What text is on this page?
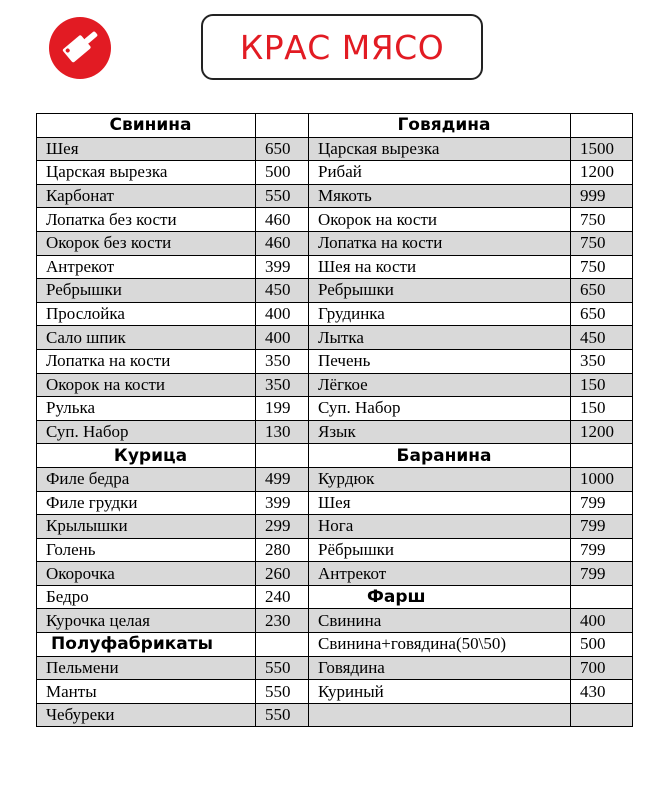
КРАС МЯСО
Свинина		Говядина	
Шея	650	Царская вырезка	1500
Царская вырезка	500	Рибай	1200
Карбонат	550	Мякоть	999
Лопатка без кости	460	Окорок на кости	750
Окорок без кости	460	Лопатка на кости	750
Антрекот	399	Шея на кости	750
Ребрышки	450	Ребрышки	650
Прослойка	400	Грудинка	650
Сало шпик	400	Лытка	450
Лопатка на кости	350	Печень	350
Окорок на кости	350	Лёгкое	150
Рулька	199	Суп. Набор	150
Суп. Набор	130	Язык	1200
Курица		Баранина	
Филе бедра	499	Курдюк	1000
Филе грудки	399	Шея	799
Крылышки	299	Нога	799
Голень	280	Рёбрышки	799
Окорочка	260	Антрекот	799
Бедро	240	Фарш	
Курочка целая	230	Свинина	400
Полуфабрикаты		Свинина+говядина(50\50)	500
Пельмени	550	Говядина	700
Манты	550	Куриный	430
Чебуреки	550		
